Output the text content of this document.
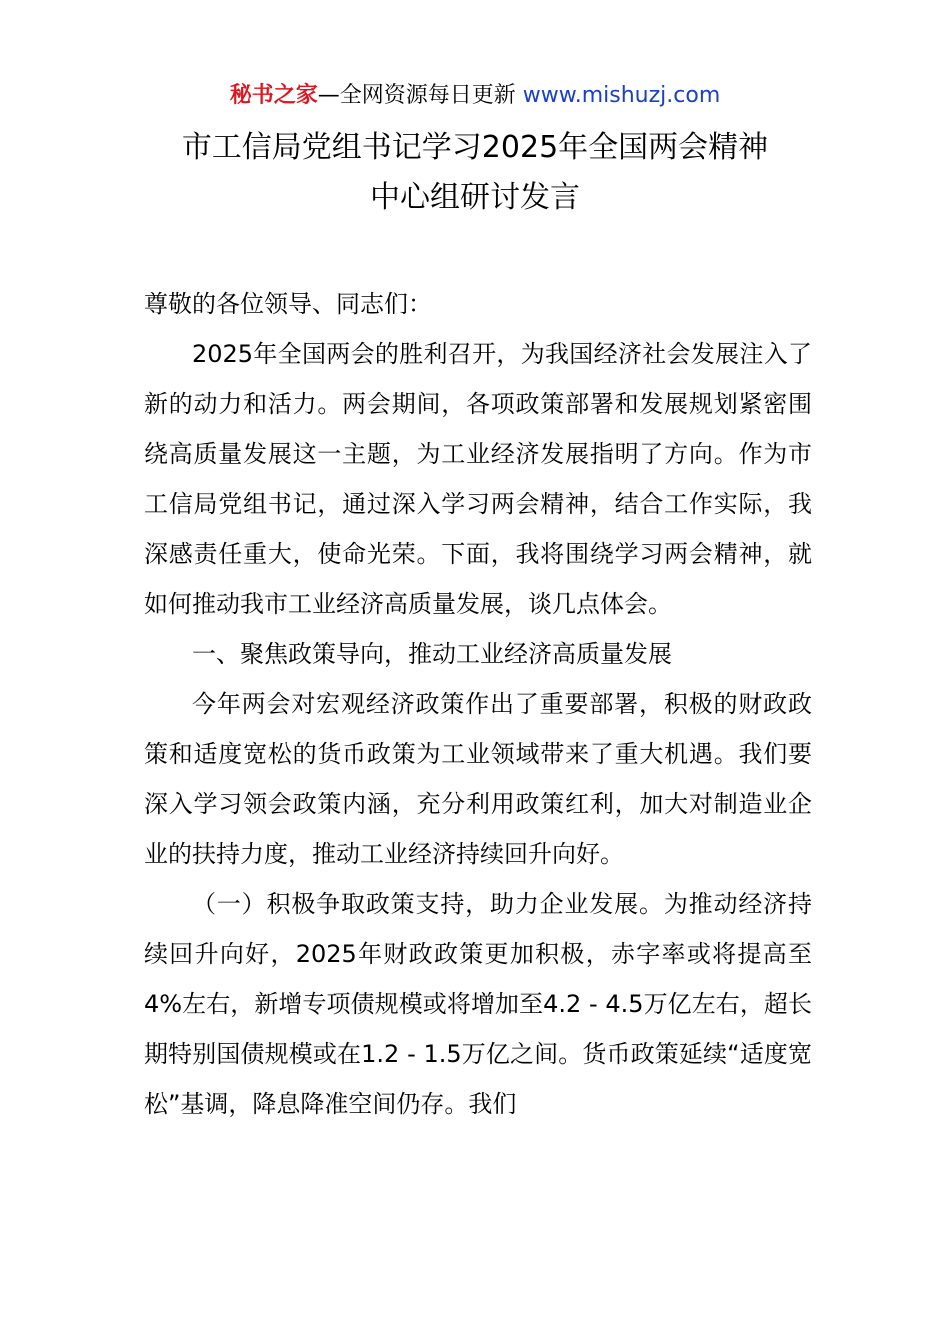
秘书之家—全网资源每日更新 www.mishuzj.com
市工信局党组书记学习2025年全国两会精神
中心组研讨发言

尊敬的各位领导、同志们：

2025年全国两会的胜利召开，为我国经济社会发展注入了新的动力和活力。两会期间，各项政策部署和发展规划紧密围绕高质量发展这一主题，为工业经济发展指明了方向。作为市工信局党组书记，通过深入学习两会精神，结合工作实际，我深感责任重大，使命光荣。下面，我将围绕学习两会精神，就如何推动我市工业经济高质量发展，谈几点体会。

一、聚焦政策导向，推动工业经济高质量发展

今年两会对宏观经济政策作出了重要部署，积极的财政政策和适度宽松的货币政策为工业领域带来了重大机遇。我们要深入学习领会政策内涵，充分利用政策红利，加大对制造业企业的扶持力度，推动工业经济持续回升向好。

（一）积极争取政策支持，助力企业发展。为推动经济持续回升向好，2025年财政政策更加积极，赤字率或将提高至4%左右，新增专项债规模或将增加至4.2 - 4.5万亿左右，超长期特别国债规模或在1.2 - 1.5万亿之间。货币政策延续“适度宽松”基调，降息降准空间仍存。我们
